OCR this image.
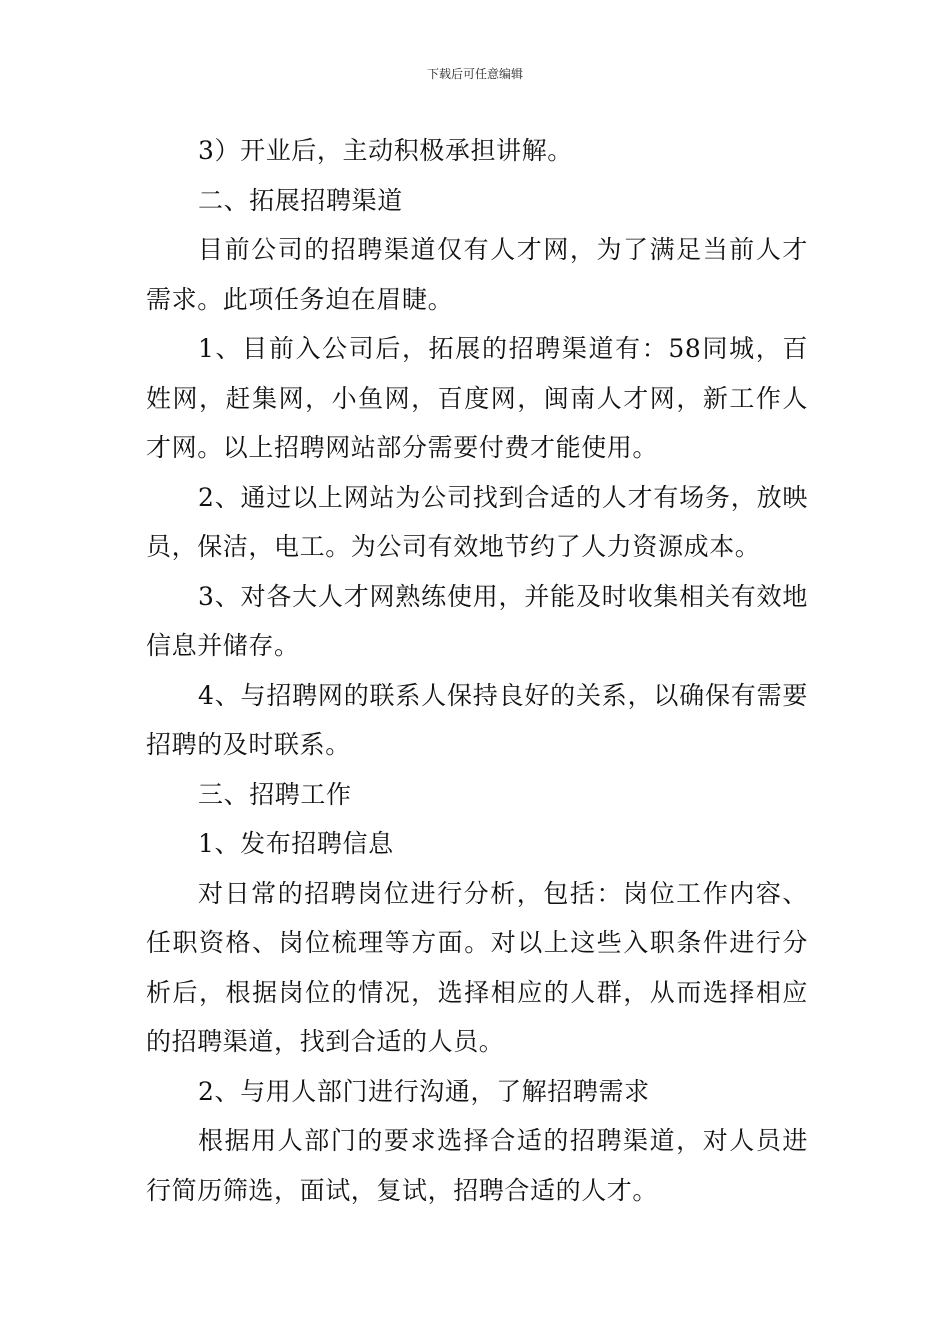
下载后可任意编辑

3）开业后，主动积极承担讲解。

二、拓展招聘渠道

目前公司的招聘渠道仅有人才网，为了满足当前人才需求。此项任务迫在眉睫。

1、目前入公司后，拓展的招聘渠道有：58同城，百姓网，赶集网，小鱼网，百度网，闽南人才网，新工作人才网。以上招聘网站部分需要付费才能使用。

2、通过以上网站为公司找到合适的人才有场务，放映员，保洁，电工。为公司有效地节约了人力资源成本。

3、对各大人才网熟练使用，并能及时收集相关有效地信息并储存。

4、与招聘网的联系人保持良好的关系，以确保有需要招聘的及时联系。

三、招聘工作

1、发布招聘信息

对日常的招聘岗位进行分析，包括：岗位工作内容、任职资格、岗位梳理等方面。对以上这些入职条件进行分析后，根据岗位的情况，选择相应的人群，从而选择相应的招聘渠道，找到合适的人员。

2、与用人部门进行沟通，了解招聘需求

根据用人部门的要求选择合适的招聘渠道，对人员进行简历筛选，面试，复试，招聘合适的人才。
